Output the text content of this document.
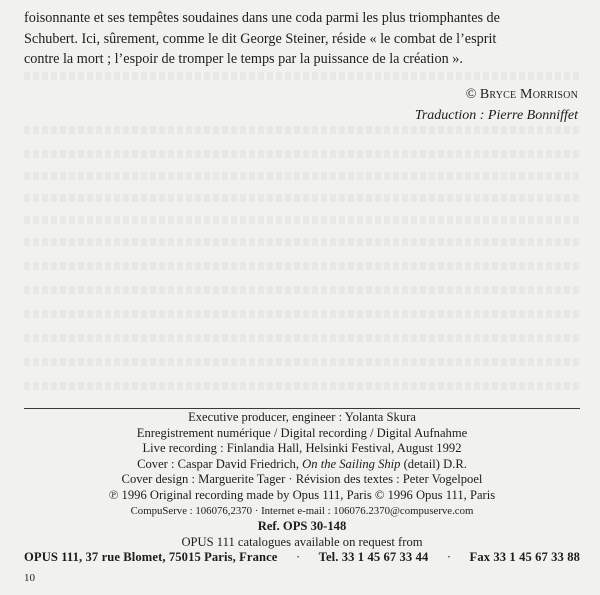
foisonnante et ses tempêtes soudaines dans une coda parmi les plus triomphantes de

Schubert. Ici, sûrement, comme le dit George Steiner, réside « le combat de l’esprit

contre la mort ; l’espoir de tromper le temps par la puissance de la création ».

© Bryce Morrison
Traduction : Pierre Bonniffet
Executive producer, engineer : Yolanta Skura
Enregistrement numérique / Digital recording / Digital Aufnahme
Live recording : Finlandia Hall, Helsinki Festival, August 1992
Cover : Caspar David Friedrich, On the Sailing Ship (detail) D.R.
Cover design : Marguerite Tager · Révision des textes : Peter Vogelpoel
℗ 1996 Original recording made by Opus 111, Paris © 1996 Opus 111, Paris
CompuServe : 106076,2370 · Internet e-mail : 106076.2370@compuserve.com
Ref. OPS 30-148
OPUS 111 catalogues available on request from
OPUS 111, 37 rue Blomet, 75015 Paris, France · Tel. 33 1 45 67 33 44 · Fax 33 1 45 67 33 88
10
